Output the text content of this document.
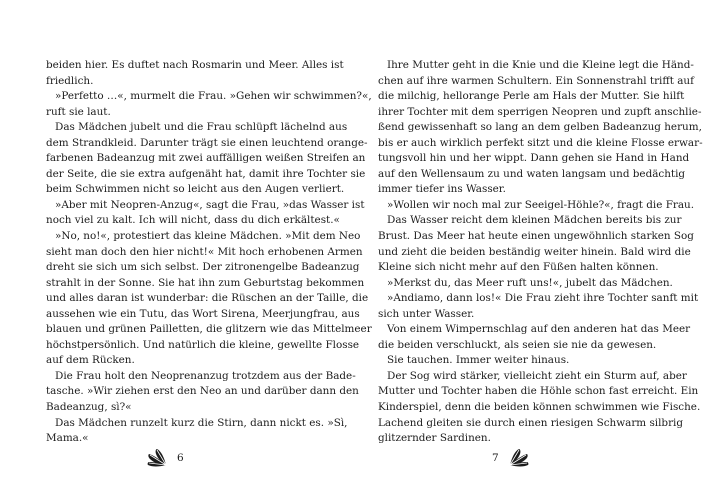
beiden hier. Es duftet nach Rosmarin und Meer. Alles ist
friedlich.
»Perfetto …«, murmelt die Frau. »Gehen wir schwimmen?«,
ruft sie laut.
Das Mädchen jubelt und die Frau schlüpft lächelnd aus
dem Strandkleid. Darunter trägt sie einen leuchtend orange-
farbenen Badeanzug mit zwei auffälligen weißen Streifen an
der Seite, die sie extra aufgenäht hat, damit ihre Tochter sie
beim Schwimmen nicht so leicht aus den Augen verliert.
»Aber mit Neopren-Anzug«, sagt die Frau, »das Wasser ist
noch viel zu kalt. Ich will nicht, dass du dich erkältest.«
»No, no!«, protestiert das kleine Mädchen. »Mit dem Neo
sieht man doch den hier nicht!« Mit hoch erhobenen Armen
dreht sie sich um sich selbst. Der zitronengelbe Badeanzug
strahlt in der Sonne. Sie hat ihn zum Geburtstag bekommen
und alles daran ist wunderbar: die Rüschen an der Taille, die
aussehen wie ein Tutu, das Wort Sirena, Meerjungfrau, aus
blauen und grünen Pailletten, die glitzern wie das Mittelmeer
höchstpersönlich. Und natürlich die kleine, gewellte Flosse
auf dem Rücken.
Die Frau holt den Neoprenanzug trotzdem aus der Bade-
tasche. »Wir ziehen erst den Neo an und darüber dann den
Badeanzug, sì?«
Das Mädchen runzelt kurz die Stirn, dann nickt es. »Sì,
Mama.«
Ihre Mutter geht in die Knie und die Kleine legt die Händ-
chen auf ihre warmen Schultern. Ein Sonnenstrahl trifft auf
die milchig, hellorange Perle am Hals der Mutter. Sie hilft
ihrer Tochter mit dem sperrigen Neopren und zupft anschlie-
ßend gewissenhaft so lang an dem gelben Badeanzug herum,
bis er auch wirklich perfekt sitzt und die kleine Flosse erwar-
tungsvoll hin und her wippt. Dann gehen sie Hand in Hand
auf den Wellensaum zu und waten langsam und bedächtig
immer tiefer ins Wasser.
»Wollen wir noch mal zur Seeigel-Höhle?«, fragt die Frau.
Das Wasser reicht dem kleinen Mädchen bereits bis zur
Brust. Das Meer hat heute einen ungewöhnlich starken Sog
und zieht die beiden beständig weiter hinein. Bald wird die
Kleine sich nicht mehr auf den Füßen halten können.
»Merkst du, das Meer ruft uns!«, jubelt das Mädchen.
»Andiamo, dann los!« Die Frau zieht ihre Tochter sanft mit
sich unter Wasser.
Von einem Wimpernschlag auf den anderen hat das Meer
die beiden verschluckt, als seien sie nie da gewesen.
Sie tauchen. Immer weiter hinaus.
Der Sog wird stärker, vielleicht zieht ein Sturm auf, aber
Mutter und Tochter haben die Höhle schon fast erreicht. Ein
Kinderspiel, denn die beiden können schwimmen wie Fische.
Lachend gleiten sie durch einen riesigen Schwarm silbrig
glitzernder Sardinen.
6	7
